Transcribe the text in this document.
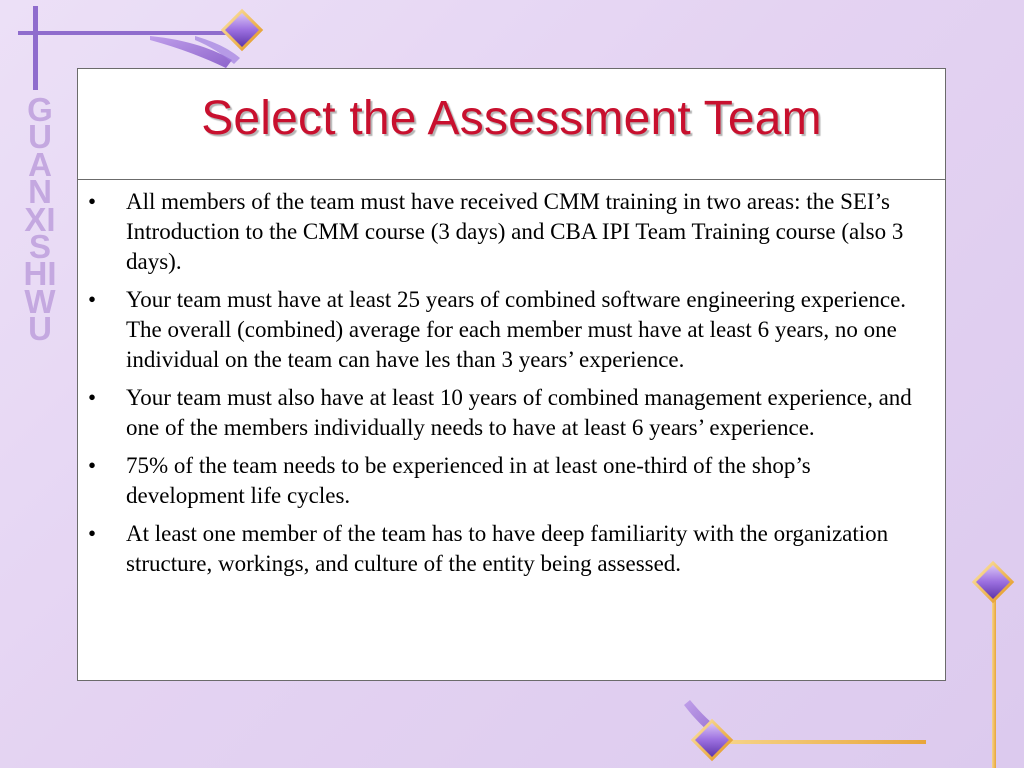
GUANXISHIWU
Select the Assessment Team
•	All members of the team must have received CMM training in two areas: the SEI’s Introduction to the CMM course (3 days) and CBA IPI Team Training course (also 3 days).
•	Your team must have at least 25 years of combined software engineering experience. The overall (combined) average for each member must have at least 6 years, no one individual on the team can have les than 3 years’ experience.
•	Your team must also have at least 10 years of combined management experience, and one of the members individually needs to have at least 6 years’ experience.
•	75% of the team needs to be experienced in at least one-third of the shop’s development life cycles.
•	At least one member of the team has to have deep familiarity with the organization structure, workings, and culture of the entity being assessed.
